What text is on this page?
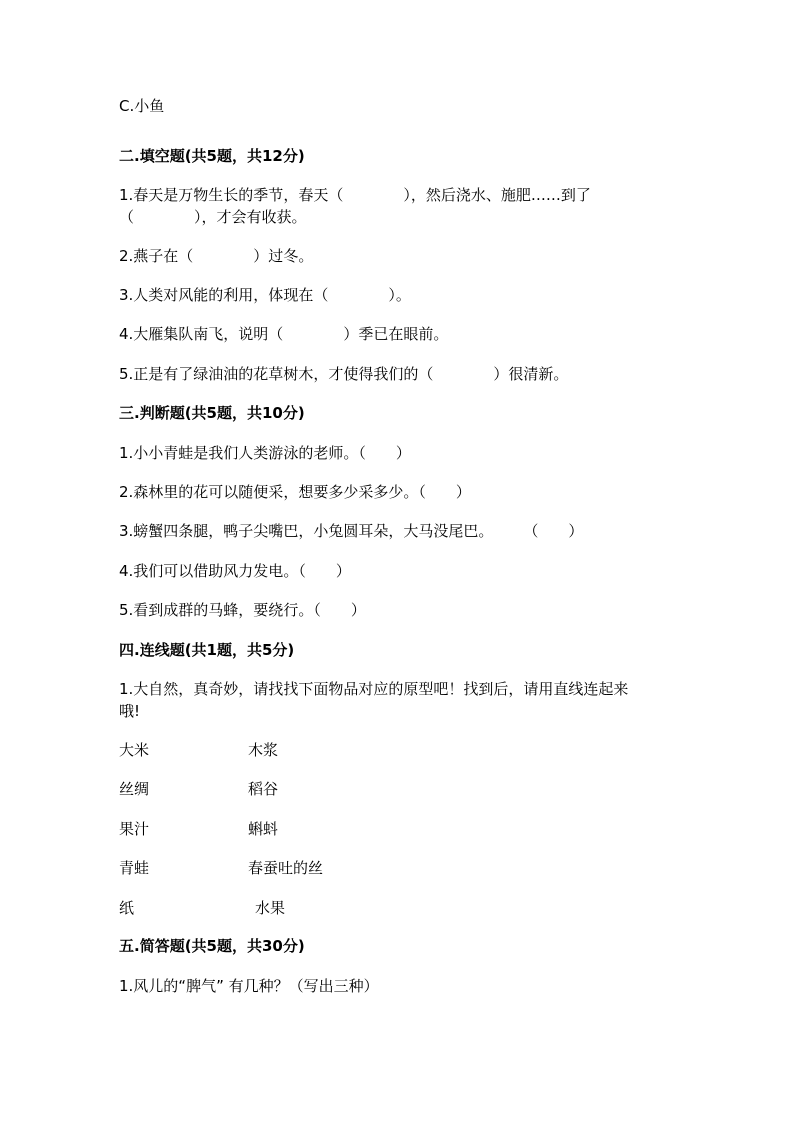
C.小鱼
二.填空题(共5题，共12分)
1.春天是万物生长的季节，春天（　　　　），然后浇水、施肥……到了
（　　　　），才会有收获。
2.燕子在（　　　　）过冬。
3.人类对风能的利用，体现在（　　　　）。
4.大雁集队南飞，说明（　　　　）季已在眼前。
5.正是有了绿油油的花草树木，才使得我们的（　　　　）很清新。
三.判断题(共5题，共10分)
1.小小青蛙是我们人类游泳的老师。（　　）
2.森林里的花可以随便采，想要多少采多少。（　　）
3.螃蟹四条腿，鸭子尖嘴巴，小兔圆耳朵，大马没尾巴。　　　（　　）
4.我们可以借助风力发电。（　　）
5.看到成群的马蜂，要绕行。（　　）
四.连线题(共1题，共5分)
1.大自然，真奇妙，请找找下面物品对应的原型吧！找到后，请用直线连起来
哦!
大米	木浆
丝绸	稻谷
果汁	蝌蚪
青蛙	春蚕吐的丝
纸	水果
五.简答题(共5题，共30分)
1.风儿的“脾气” 有几种？（写出三种）
